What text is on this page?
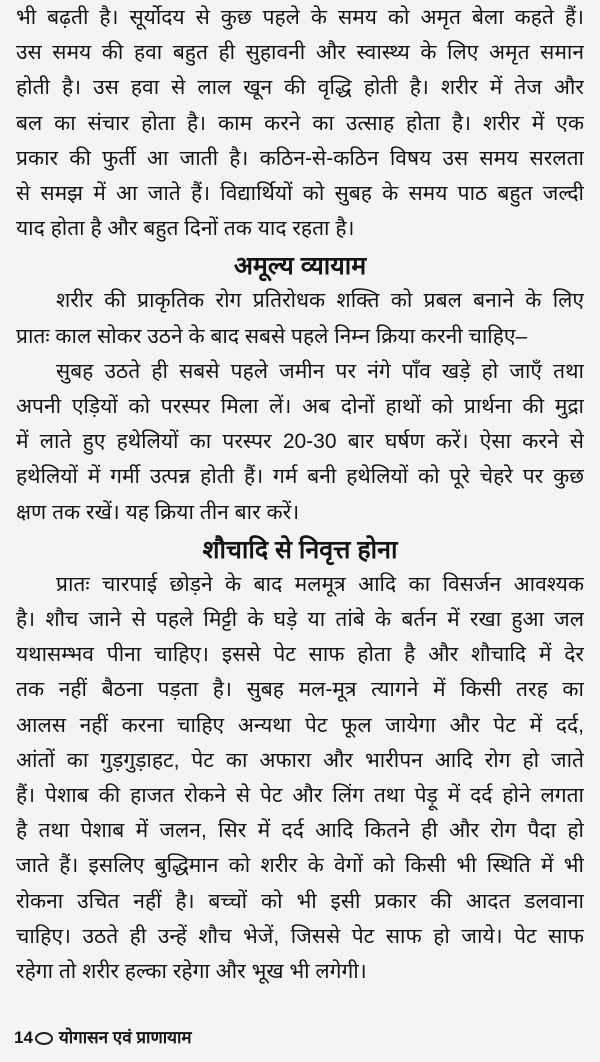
भी बढ़ती है। सूर्योदय से कुछ पहले के समय को अमृत बेला कहते हैं।
उस समय की हवा बहुत ही सुहावनी और स्वास्थ्य के लिए अमृत समान
होती है। उस हवा से लाल खून की वृद्धि होती है। शरीर में तेज और
बल का संचार होता है। काम करने का उत्साह होता है। शरीर में एक
प्रकार की फुर्ती आ जाती है। कठिन-से-कठिन विषय उस समय सरलता
से समझ में आ जाते हैं। विद्यार्थियों को सुबह के समय पाठ बहुत जल्दी
याद होता है और बहुत दिनों तक याद रहता है।
अमूल्य व्यायाम
शरीर की प्राकृतिक रोग प्रतिरोधक शक्ति को प्रबल बनाने के लिए
प्रातः काल सोकर उठने के बाद सबसे पहले निम्न क्रिया करनी चाहिए–
सुबह उठते ही सबसे पहले जमीन पर नंगे पाँव खड़े हो जाएँ तथा
अपनी एड़ियों को परस्पर मिला लें। अब दोनों हाथों को प्रार्थना की मुद्रा
में लाते हुए हथेलियों का परस्पर 20-30 बार घर्षण करें। ऐसा करने से
हथेलियों में गर्मी उत्पन्न होती हैं। गर्म बनी हथेलियों को पूरे चेहरे पर कुछ
क्षण तक रखें। यह क्रिया तीन बार करें।
शौचादि से निवृत्त होना
प्रातः चारपाई छोड़ने के बाद मलमूत्र आदि का विसर्जन आवश्यक
है। शौच जाने से पहले मिट्टी के घड़े या तांबे के बर्तन में रखा हुआ जल
यथासम्भव पीना चाहिए। इससे पेट साफ होता है और शौचादि में देर
तक नहीं बैठना पड़ता है। सुबह मल-मूत्र त्यागने में किसी तरह का
आलस नहीं करना चाहिए अन्यथा पेट फूल जायेगा और पेट में दर्द,
आंतों का गुड़गुड़ाहट, पेट का अफारा और भारीपन आदि रोग हो जाते
हैं। पेशाब की हाजत रोकने से पेट और लिंग तथा पेड़ू में दर्द होने लगता
है तथा पेशाब में जलन, सिर में दर्द आदि कितने ही और रोग पैदा हो
जाते हैं। इसलिए बुद्धिमान को शरीर के वेगों को किसी भी स्थिति में भी
रोकना उचित नहीं है। बच्चों को भी इसी प्रकार की आदत डलवाना
चाहिए। उठते ही उन्हें शौच भेजें, जिससे पेट साफ हो जाये। पेट साफ
रहेगा तो शरीर हल्का रहेगा और भूख भी लगेगी।
14 योगासन एवं प्राणायाम
